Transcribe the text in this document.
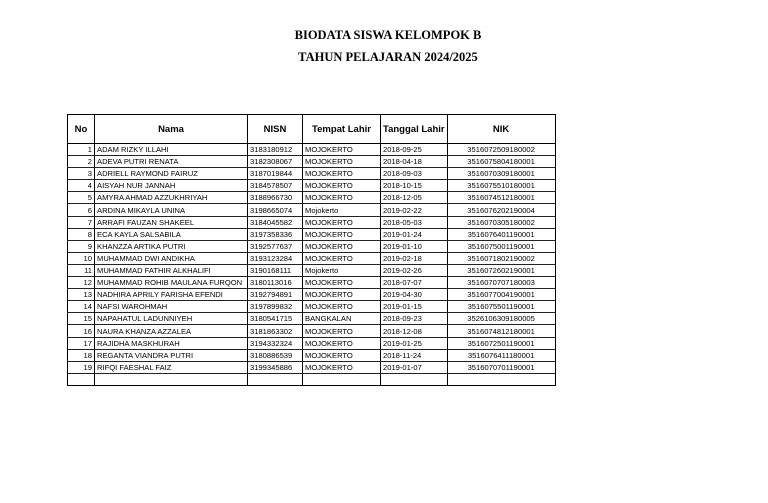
BIODATA SISWA KELOMPOK B
TAHUN PELAJARAN 2024/2025
No	Nama	NISN	Tempat Lahir	Tanggal Lahir	NIK
1	ADAM RIZKY ILLAHI	3183180912	MOJOKERTO	2018-09-25	3516072509180002
2	ADEVA PUTRI RENATA	3182308067	MOJOKERTO	2018-04-18	3516075804180001
3	ADRIELL RAYMOND FAIRUZ	3187019844	MOJOKERTO	2018-09-03	3516070309180001
4	AISYAH NUR JANNAH	3184578507	MOJOKERTO	2018-10-15	3516075510180001
5	AMYRA AHMAD AZZUKHRIYAH	3188966730	MOJOKERTO	2018-12-05	3516074512180001
6	ARDINA MIKAYLA UNINA	3198665074	Mojokerto	2019-02-22	3516076202190004
7	ARRAFI FAUZAN SHAKEEL	3184045582	MOJOKERTO	2018-05-03	3516070305180002
8	ECA KAYLA SALSABILA	3197358336	MOJOKERTO	2019-01-24	3516076401190001
9	KHANZZA ARTIKA PUTRI	3192577637	MOJOKERTO	2019-01-10	3516075001190001
10	MUHAMMAD DWI ANDIKHA	3193123284	MOJOKERTO	2019-02-18	3516071802190002
11	MUHAMMAD FATHIR ALKHALIFI	3190168111	Mojokerto	2019-02-26	3516072602190001
12	MUHAMMAD ROHIB MAULANA FURQON	3180113016	MOJOKERTO	2018-07-07	3516070707180003
13	NADHIRA APRILY FARISHA EFENDI	3192794891	MOJOKERTO	2019-04-30	3516077004190001
14	NAFSI WAROHMAH	3197899832	MOJOKERTO	2019-01-15	3516075501190001
15	NAPAHATUL LADUNNIYEH	3180541715	BANGKALAN	2018-09-23	3526106309180005
16	NAURA KHANZA AZZALEA	3181863302	MOJOKERTO	2018-12-08	3516074812180001
17	RAJIDHA MASKHURAH	3194332324	MOJOKERTO	2019-01-25	3516072501190001
18	REGANTA VIANDRA PUTRI	3180886539	MOJOKERTO	2018-11-24	3516076411180001
19	RIFQI FAESHAL FAIZ	3199345886	MOJOKERTO	2019-01-07	3516070701190001
